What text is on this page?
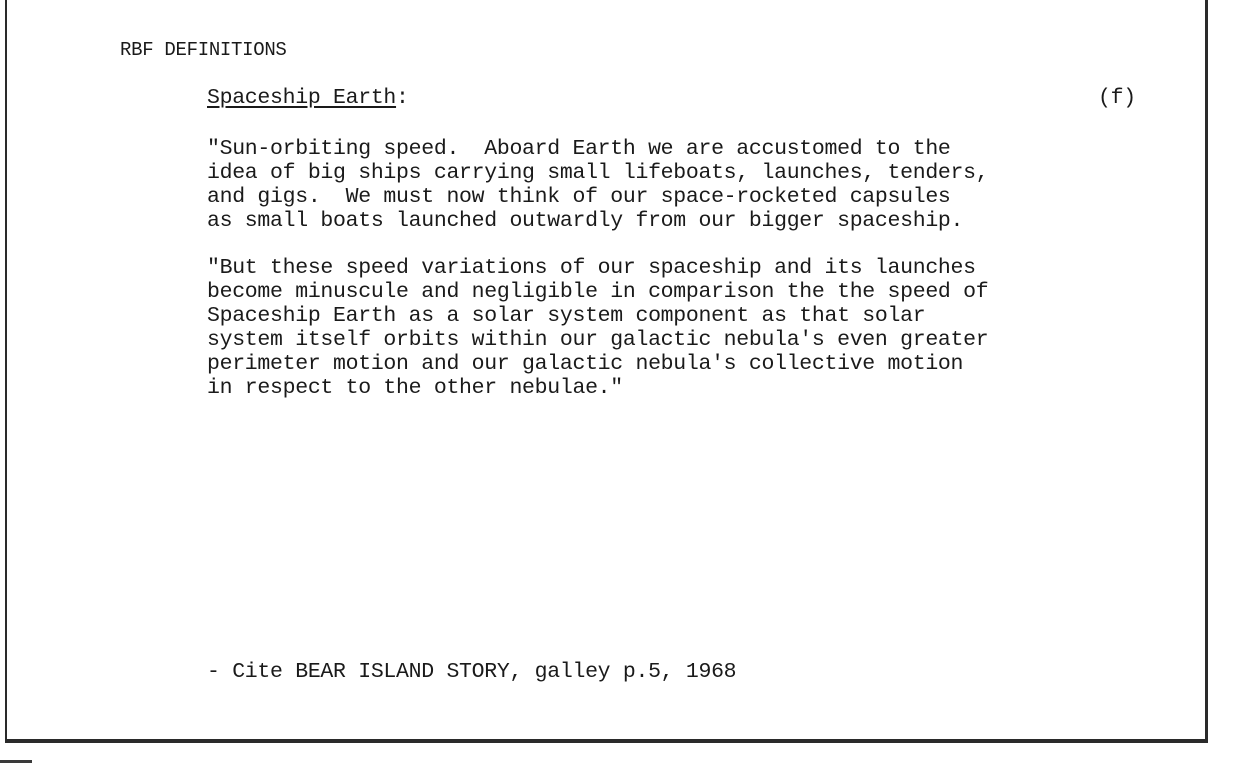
RBF DEFINITIONS
Spaceship Earth:	(f)
"Sun-orbiting speed.  Aboard Earth we are accustomed to the
idea of big ships carrying small lifeboats, launches, tenders,
and gigs.  We must now think of our space-rocketed capsules
as small boats launched outwardly from our bigger spaceship.
"But these speed variations of our spaceship and its launches
become minuscule and negligible in comparison the the speed of
Spaceship Earth as a solar system component as that solar
system itself orbits within our galactic nebula's even greater
perimeter motion and our galactic nebula's collective motion
in respect to the other nebulae."
- Cite BEAR ISLAND STORY, galley p.5, 1968
